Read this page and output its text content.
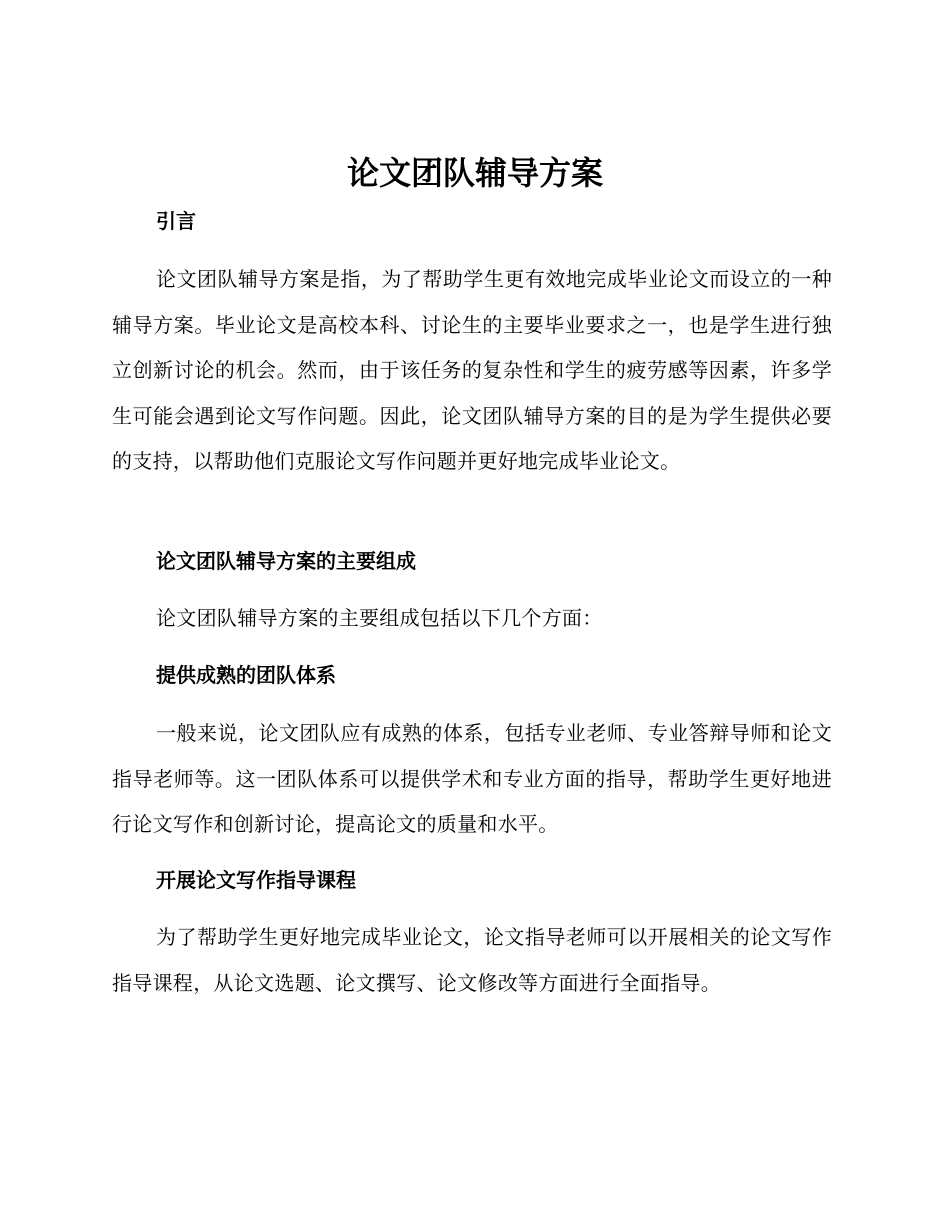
论文团队辅导方案
引言

论文团队辅导方案是指，为了帮助学生更有效地完成毕业论文而设立的一种辅导方案。毕业论文是高校本科、讨论生的主要毕业要求之一，也是学生进行独立创新讨论的机会。然而，由于该任务的复杂性和学生的疲劳感等因素，许多学生可能会遇到论文写作问题。因此，论文团队辅导方案的目的是为学生提供必要的支持，以帮助他们克服论文写作问题并更好地完成毕业论文。

论文团队辅导方案的主要组成

论文团队辅导方案的主要组成包括以下几个方面：

提供成熟的团队体系

一般来说，论文团队应有成熟的体系，包括专业老师、专业答辩导师和论文指导老师等。这一团队体系可以提供学术和专业方面的指导，帮助学生更好地进行论文写作和创新讨论，提高论文的质量和水平。

开展论文写作指导课程

为了帮助学生更好地完成毕业论文，论文指导老师可以开展相关的论文写作指导课程，从论文选题、论文撰写、论文修改等方面进行全面指导。
